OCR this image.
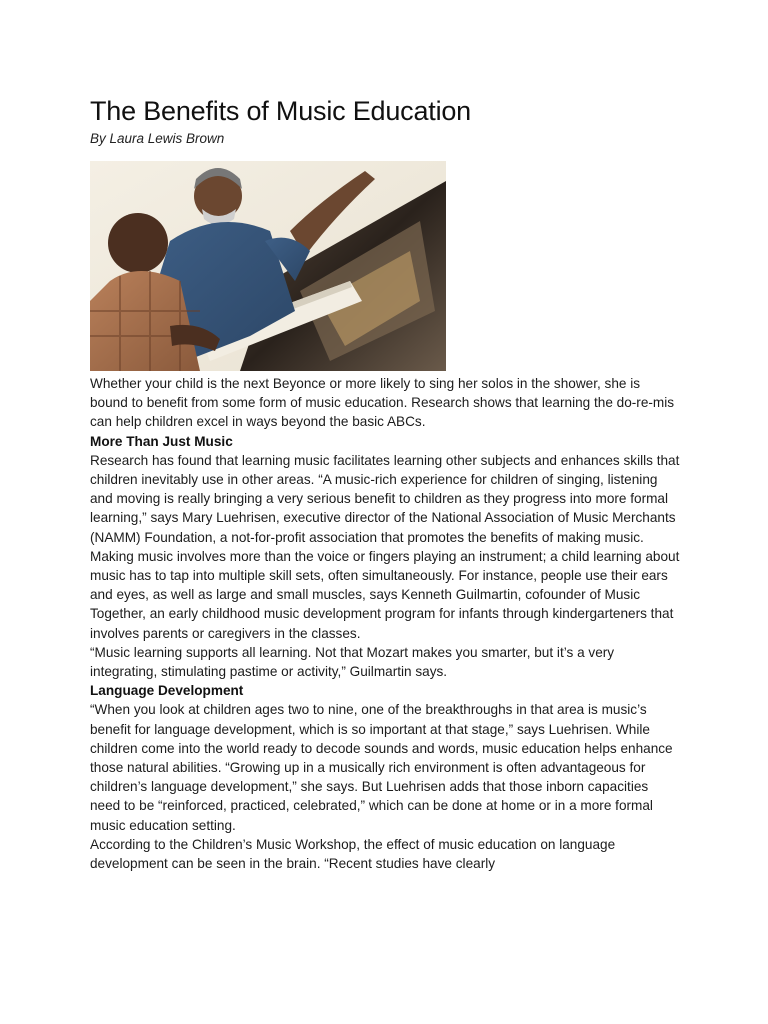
The Benefits of Music Education
By Laura Lewis Brown

Whether your child is the next Beyonce or more likely to sing her solos in the shower, she is bound to benefit from some form of music education. Research shows that learning the do-re-mis can help children excel in ways beyond the basic ABCs.

More Than Just Music

Research has found that learning music facilitates learning other subjects and enhances skills that children inevitably use in other areas. “A music-rich experience for children of singing, listening and moving is really bringing a very serious benefit to children as they progress into more formal learning,” says Mary Luehrisen, executive director of the National Association of Music Merchants (NAMM) Foundation, a not-for-profit association that promotes the benefits of making music.

Making music involves more than the voice or fingers playing an instrument; a child learning about music has to tap into multiple skill sets, often simultaneously. For instance, people use their ears and eyes, as well as large and small muscles, says Kenneth Guilmartin, cofounder of Music Together, an early childhood music development program for infants through kindergarteners that involves parents or caregivers in the classes.

“Music learning supports all learning. Not that Mozart makes you smarter, but it’s a very integrating, stimulating pastime or activity,” Guilmartin says.

Language Development

“When you look at children ages two to nine, one of the breakthroughs in that area is music’s benefit for language development, which is so important at that stage,” says Luehrisen. While children come into the world ready to decode sounds and words, music education helps enhance those natural abilities. “Growing up in a musically rich environment is often advantageous for children’s language development,” she says. But Luehrisen adds that those inborn capacities need to be “reinforced, practiced, celebrated,” which can be done at home or in a more formal music education setting.

According to the Children’s Music Workshop, the effect of music education on language development can be seen in the brain. “Recent studies have clearly
